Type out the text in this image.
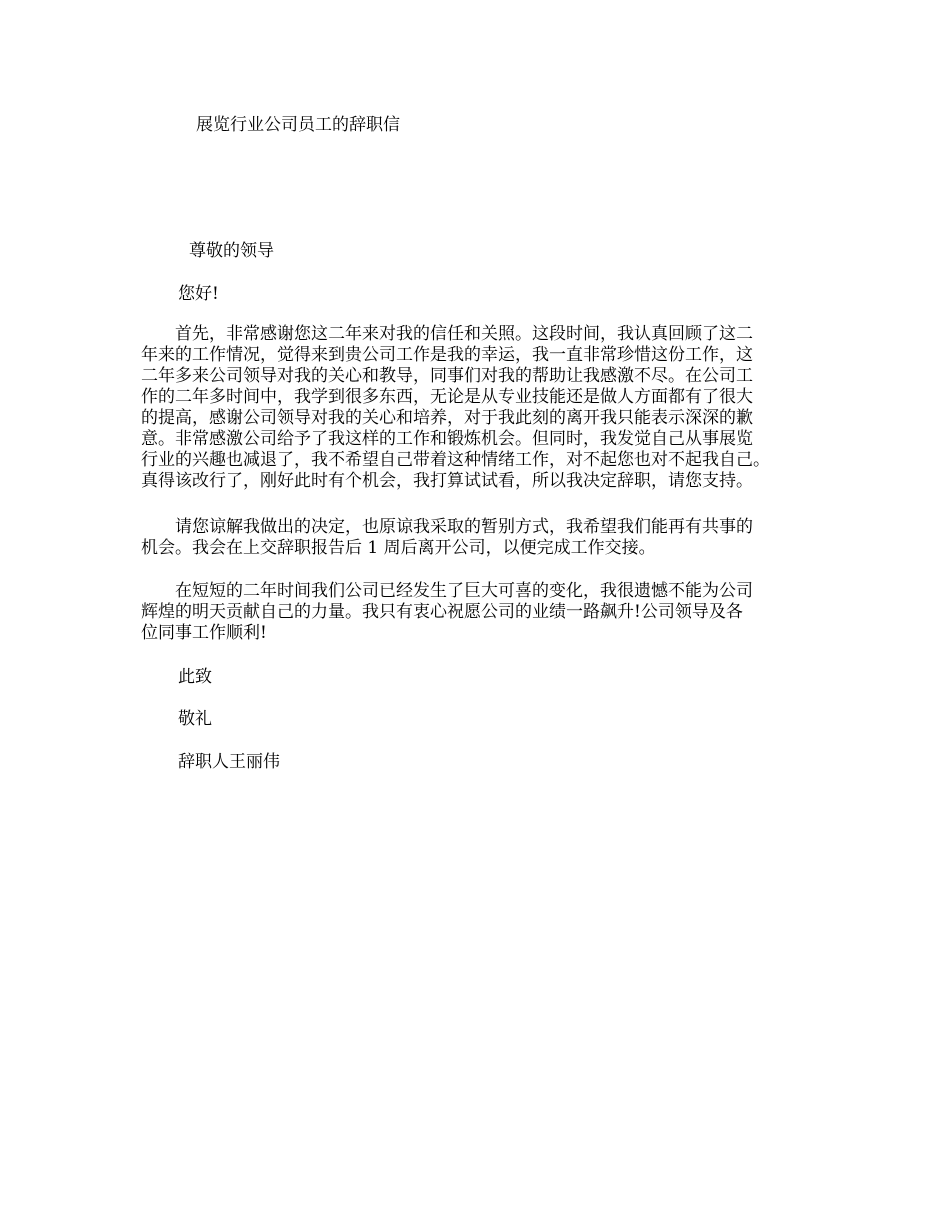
展览行业公司员工的辞职信
尊敬的领导
您好!
　　首先，非常感谢您这二年来对我的信任和关照。这段时间，我认真回顾了这二
年来的工作情况，觉得来到贵公司工作是我的幸运，我一直非常珍惜这份工作，这
二年多来公司领导对我的关心和教导，同事们对我的帮助让我感激不尽。在公司工
作的二年多时间中，我学到很多东西，无论是从专业技能还是做人方面都有了很大
的提高，感谢公司领导对我的关心和培养，对于我此刻的离开我只能表示深深的歉
意。非常感激公司给予了我这样的工作和锻炼机会。但同时，我发觉自己从事展览
行业的兴趣也减退了，我不希望自己带着这种情绪工作，对不起您也对不起我自己。
真得该改行了，刚好此时有个机会，我打算试试看，所以我决定辞职，请您支持。
　　请您谅解我做出的决定，也原谅我采取的暂别方式，我希望我们能再有共事的
机会。我会在上交辞职报告后 1 周后离开公司，以便完成工作交接。
　　在短短的二年时间我们公司已经发生了巨大可喜的变化，我很遗憾不能为公司
辉煌的明天贡献自己的力量。我只有衷心祝愿公司的业绩一路飙升!公司领导及各
位同事工作顺利!
此致
敬礼
辞职人王丽伟
